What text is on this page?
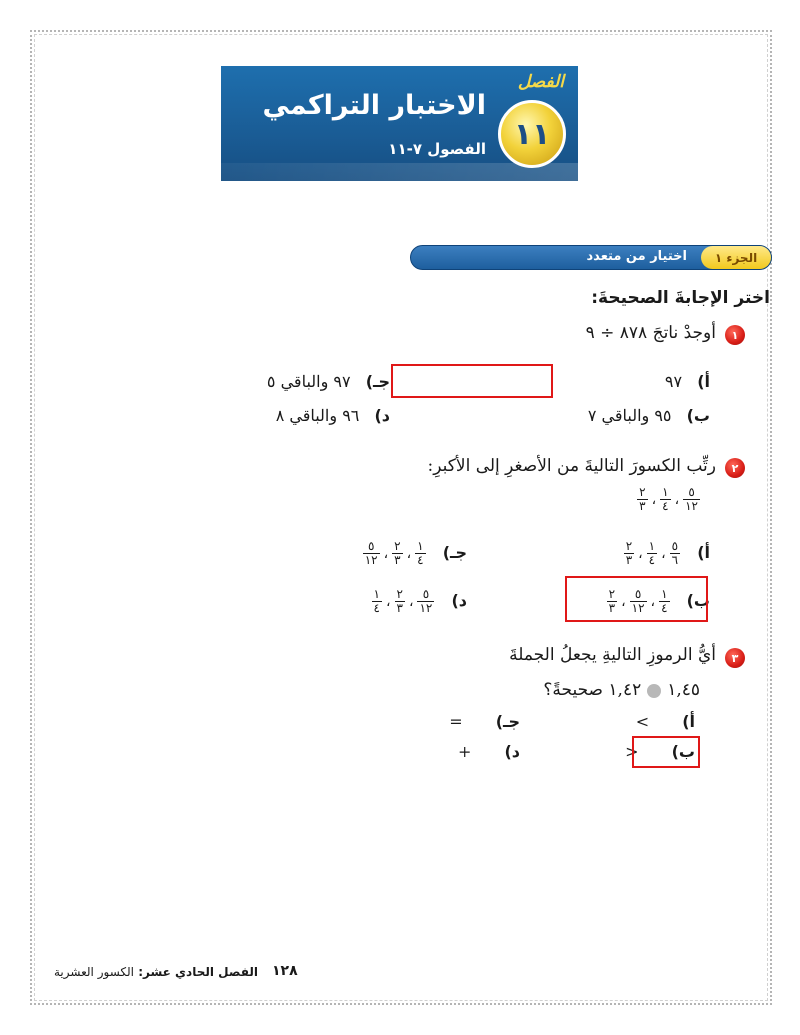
الفصل
١١
الاختبار التراكمي
الفصول ٧-١١
الجزء ١
اختيار من متعدد
اختر الإجابةَ الصحيحةَ:
١
أوجدْ ناتجَ ٨٧٨ ÷ ٩
أ) ٩٧
جـ) ٩٧ والباقي ٥
ب) ٩٥ والباقي ٧
د) ٩٦ والباقي ٨
٢
رتِّب الكسورَ التاليةَ من الأصغرِ إلى الأكبرِ:
$\frac{٥}{١٢}$
،
$\frac{١}{٤}$
،
$\frac{٢}{٣}$
أ)
$\frac{٥}{٦}$
،
$\frac{١}{٤}$
،
$\frac{٢}{٣}$
جـ)
$\frac{١}{٤}$
،
$\frac{٢}{٣}$
،
$\frac{٥}{١٢}$
ب)
$\frac{١}{٤}$
،
$\frac{٥}{١٢}$
،
$\frac{٢}{٣}$
د)
$\frac{٥}{١٢}$
،
$\frac{٢}{٣}$
،
$\frac{١}{٤}$
٣
أيُّ الرموزِ التاليةِ يجعلُ الجملةَ
١,٤٥١,٤٢ صحيحةً؟
أ) >
جـ) =
ب) <
د) +
١٢٨
الفصل الحادي عشر: الكسور العشرية
